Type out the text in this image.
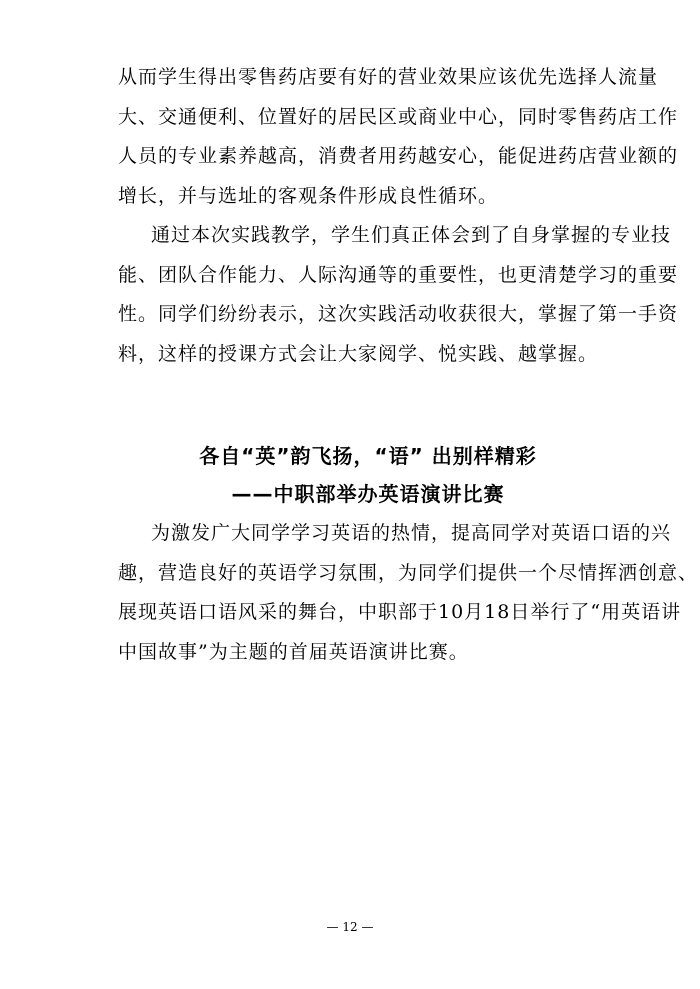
从而学生得出零售药店要有好的营业效果应该优先选择人流量
大、交通便利、位置好的居民区或商业中心，同时零售药店工作
人员的专业素养越高，消费者用药越安心，能促进药店营业额的
增长，并与选址的客观条件形成良性循环。
通过本次实践教学，学生们真正体会到了自身掌握的专业技
能、团队合作能力、人际沟通等的重要性，也更清楚学习的重要
性。同学们纷纷表示，这次实践活动收获很大，掌握了第一手资
料，这样的授课方式会让大家阅学、悦实践、越掌握。
各自“英”韵飞扬，“语” 出别样精彩
——中职部举办英语演讲比赛
为激发广大同学学习英语的热情，提高同学对英语口语的兴
趣，营造良好的英语学习氛围，为同学们提供一个尽情挥洒创意、
展现英语口语风采的舞台，中职部于10月18日举行了“用英语讲
中国故事”为主题的首届英语演讲比赛。

— 12 —
